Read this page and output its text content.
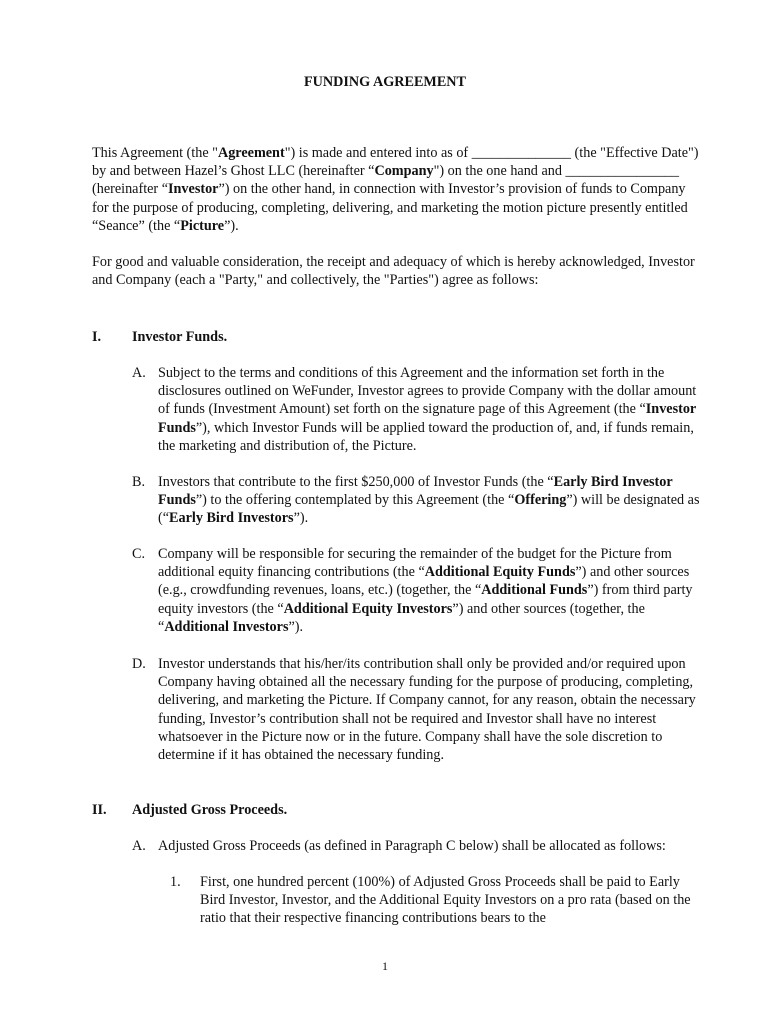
FUNDING AGREEMENT
This Agreement (the "Agreement") is made and entered into as of ______________ (the "Effective Date") by and between Hazel’s Ghost LLC (hereinafter “Company") on the one hand and ________________ (hereinafter “Investor”) on the other hand, in connection with Investor’s provision of funds to Company for the purpose of producing, completing, delivering, and marketing the motion picture presently entitled “Seance” (the “Picture”).
For good and valuable consideration, the receipt and adequacy of which is hereby acknowledged, Investor and Company (each a "Party," and collectively, the "Parties") agree as follows:
I. Investor Funds.
A. Subject to the terms and conditions of this Agreement and the information set forth in the disclosures outlined on WeFunder, Investor agrees to provide Company with the dollar amount of funds (Investment Amount) set forth on the signature page of this Agreement (the “Investor Funds”), which Investor Funds will be applied toward the production of, and, if funds remain, the marketing and distribution of, the Picture.
B. Investors that contribute to the first $250,000 of Investor Funds (the “Early Bird Investor Funds”) to the offering contemplated by this Agreement (the “Offering”) will be designated as (“Early Bird Investors”).
C. Company will be responsible for securing the remainder of the budget for the Picture from additional equity financing contributions (the “Additional Equity Funds”) and other sources (e.g., crowdfunding revenues, loans, etc.) (together, the “Additional Funds”) from third party equity investors (the “Additional Equity Investors”) and other sources (together, the “Additional Investors”).
D. Investor understands that his/her/its contribution shall only be provided and/or required upon Company having obtained all the necessary funding for the purpose of producing, completing, delivering, and marketing the Picture. If Company cannot, for any reason, obtain the necessary funding, Investor’s contribution shall not be required and Investor shall have no interest whatsoever in the Picture now or in the future. Company shall have the sole discretion to determine if it has obtained the necessary funding.
II. Adjusted Gross Proceeds.
A. Adjusted Gross Proceeds (as defined in Paragraph C below) shall be allocated as follows:
1. First, one hundred percent (100%) of Adjusted Gross Proceeds shall be paid to Early Bird Investor, Investor, and the Additional Equity Investors on a pro rata (based on the ratio that their respective financing contributions bears to the
1
